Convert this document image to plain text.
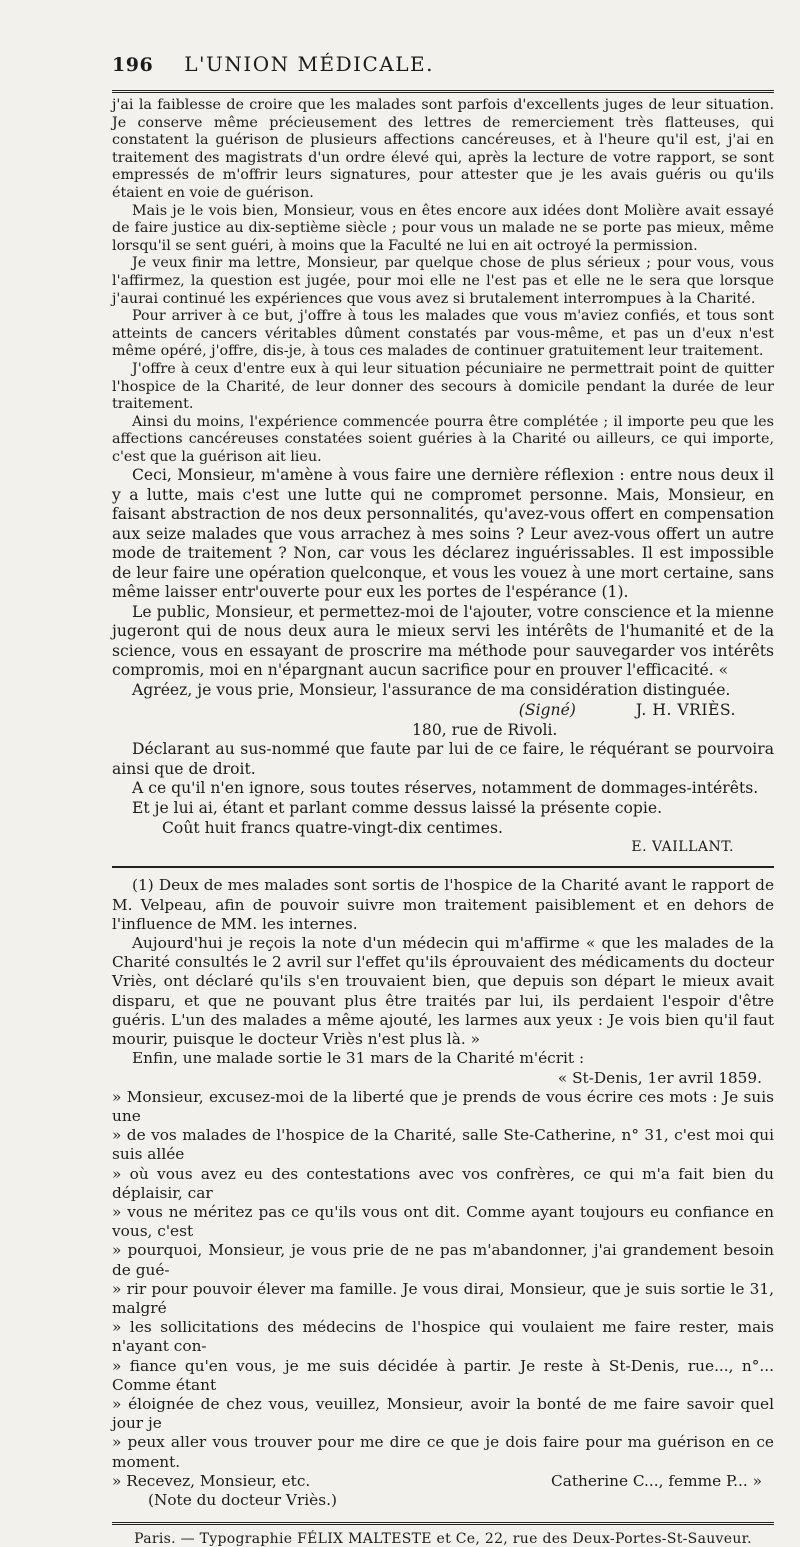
196 L'UNION MÉDICALE.

j'ai la faiblesse de croire que les malades sont parfois d'excellents juges de leur situation. Je conserve même précieusement des lettres de remerciement très flatteuses, qui constatent la guérison de plusieurs affections cancéreuses, et à l'heure qu'il est, j'ai en traitement des magistrats d'un ordre élevé qui, après la lecture de votre rapport, se sont empressés de m'offrir leurs signatures, pour attester que je les avais guéris ou qu'ils étaient en voie de guérison.

Mais je le vois bien, Monsieur, vous en êtes encore aux idées dont Molière avait essayé de faire justice au dix-septième siècle ; pour vous un malade ne se porte pas mieux, même lorsqu'il se sent guéri, à moins que la Faculté ne lui en ait octroyé la permission.

Je veux finir ma lettre, Monsieur, par quelque chose de plus sérieux ; pour vous, vous l'affirmez, la question est jugée, pour moi elle ne l'est pas et elle ne le sera que lorsque j'aurai continué les expériences que vous avez si brutalement interrompues à la Charité.

Pour arriver à ce but, j'offre à tous les malades que vous m'aviez confiés, et tous sont atteints de cancers véritables dûment constatés par vous-même, et pas un d'eux n'est même opéré, j'offre, dis-je, à tous ces malades de continuer gratuitement leur traitement.

J'offre à ceux d'entre eux à qui leur situation pécuniaire ne permettrait point de quitter l'hospice de la Charité, de leur donner des secours à domicile pendant la durée de leur traitement.

Ainsi du moins, l'expérience commencée pourra être complétée ; il importe peu que les affections cancéreuses constatées soient guéries à la Charité ou ailleurs, ce qui importe, c'est que la guérison ait lieu.

Ceci, Monsieur, m'amène à vous faire une dernière réflexion : entre nous deux il y a lutte, mais c'est une lutte qui ne compromet personne. Mais, Monsieur, en faisant abstraction de nos deux personnalités, qu'avez-vous offert en compensation aux seize malades que vous arrachez à mes soins ? Leur avez-vous offert un autre mode de traitement ? Non, car vous les déclarez inguérissables. Il est impossible de leur faire une opération quelconque, et vous les vouez à une mort certaine, sans même laisser entr'ouverte pour eux les portes de l'espérance (1).

Le public, Monsieur, et permettez-moi de l'ajouter, votre conscience et la mienne jugeront qui de nous deux aura le mieux servi les intérêts de l'humanité et de la science, vous en essayant de proscrire ma méthode pour sauvegarder vos intérêts compromis, moi en n'épargnant aucun sacrifice pour en prouver l'efficacité. «

Agréez, je vous prie, Monsieur, l'assurance de ma considération distinguée.

(Signé)	J. H. VRIÈS.
180, rue de Rivoli.

Déclarant au sus-nommé que faute par lui de ce faire, le réquérant se pourvoira ainsi que de droit.

A ce qu'il n'en ignore, sous toutes réserves, notamment de dommages-intérêts.

Et je lui ai, étant et parlant comme dessus laissé la présente copie.

Coût huit francs quatre-vingt-dix centimes.
E. VAILLANT.

(1) Deux de mes malades sont sortis de l'hospice de la Charité avant le rapport de M. Velpeau, afin de pouvoir suivre mon traitement paisiblement et en dehors de l'influence de MM. les internes.

Aujourd'hui je reçois la note d'un médecin qui m'affirme « que les malades de la Charité consultés le 2 avril sur l'effet qu'ils éprouvaient des médicaments du docteur Vriès, ont déclaré qu'ils s'en trouvaient bien, que depuis son départ le mieux avait disparu, et que ne pouvant plus être traités par lui, ils perdaient l'espoir d'être guéris. L'un des malades a même ajouté, les larmes aux yeux : Je vois bien qu'il faut mourir, puisque le docteur Vriès n'est plus là. »

Enfin, une malade sortie le 31 mars de la Charité m'écrit :

« St-Denis, 1er avril 1859.
» Monsieur, excusez-moi de la liberté que je prends de vous écrire ces mots : Je suis une
» de vos malades de l'hospice de la Charité, salle Ste-Catherine, n° 31, c'est moi qui suis allée
» où vous avez eu des contestations avec vos confrères, ce qui m'a fait bien du déplaisir, car
» vous ne méritez pas ce qu'ils vous ont dit. Comme ayant toujours eu confiance en vous, c'est
» pourquoi, Monsieur, je vous prie de ne pas m'abandonner, j'ai grandement besoin de gué-
» rir pour pouvoir élever ma famille. Je vous dirai, Monsieur, que je suis sortie le 31, malgré
» les sollicitations des médecins de l'hospice qui voulaient me faire rester, mais n'ayant con-
» fiance qu'en vous, je me suis décidée à partir. Je reste à St-Denis, rue..., n°... Comme étant
» éloignée de chez vous, veuillez, Monsieur, avoir la bonté de me faire savoir quel jour je
» peux aller vous trouver pour me dire ce que je dois faire pour ma guérison en ce moment.
» Recevez, Monsieur, etc.	Catherine C..., femme P... »
(Note du docteur Vriès.)
Paris. — Typographie FÉLIX MALTESTE et Ce, 22, rue des Deux-Portes-St-Sauveur.
